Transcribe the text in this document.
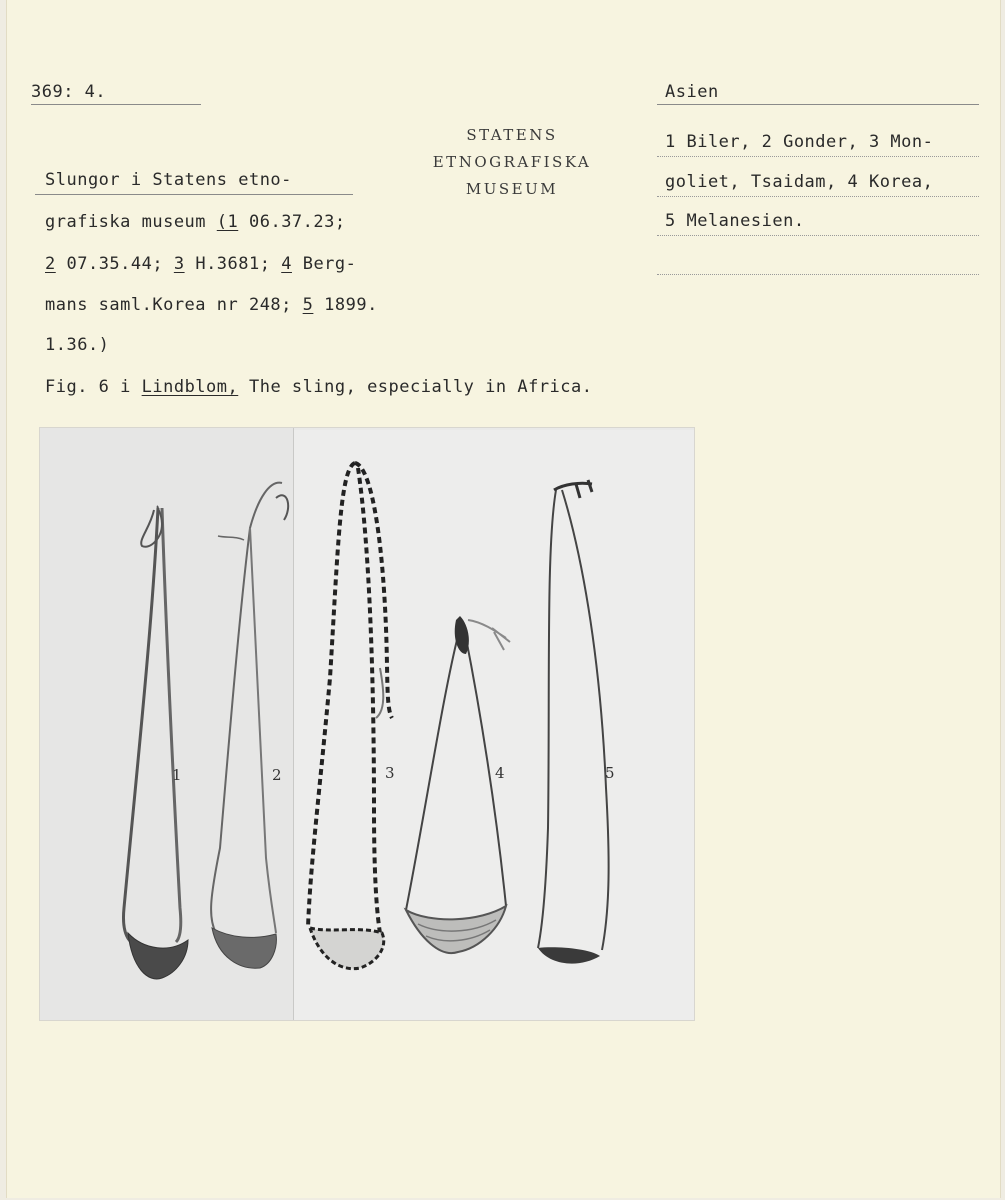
369: 4.	Asien
STATENS
ETNOGRAFISKA
MUSEUM
1 Biler, 2 Gonder, 3 Mon-
goliet, Tsaidam, 4 Korea,
5 Melanesien.
Slungor i Statens etno-
grafiska museum (1 06.37.23;
2 07.35.44; 3 H.3681; 4 Berg-
mans saml.Korea nr 248; 5 1899.
1.36.)
Fig. 6 i Lindblom, The sling, especially in Africa.
1	2	3	4	5
